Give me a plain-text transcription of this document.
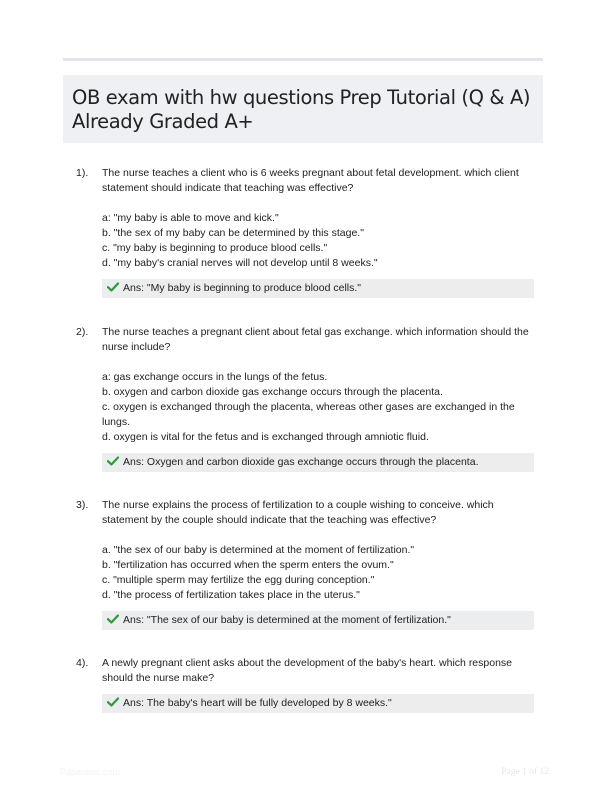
OB exam with hw questions Prep Tutorial (Q & A)
Already Graded A+
1). The nurse teaches a client who is 6 weeks pregnant about fetal development. which client statement should indicate that teaching was effective?

a: "my baby is able to move and kick."
b. "the sex of my baby can be determined by this stage."
c. "my baby is beginning to produce blood cells."
d. "my baby's cranial nerves will not develop until 8 weeks."
Ans: "My baby is beginning to produce blood cells."
2). The nurse teaches a pregnant client about fetal gas exchange. which information should the nurse include?

a: gas exchange occurs in the lungs of the fetus.
b. oxygen and carbon dioxide gas exchange occurs through the placenta.
c. oxygen is exchanged through the placenta, whereas other gases are exchanged in the lungs.
d. oxygen is vital for the fetus and is exchanged through amniotic fluid.
Ans: Oxygen and carbon dioxide gas exchange occurs through the placenta.
3). The nurse explains the process of fertilization to a couple wishing to conceive. which statement by the couple should indicate that the teaching was effective?

a. "the sex of our baby is determined at the moment of fertilization."
b. "fertilization has occurred when the sperm enters the ovum."
c. "multiple sperm may fertilize the egg during conception."
d. "the process of fertilization takes place in the uterus."
Ans: "The sex of our baby is determined at the moment of fertilization."
4). A newly pregnant client asks about the development of the baby's heart. which response should the nurse make?

Ans: The baby's heart will be fully developed by 8 weeks."
Paperstoc.com	Page 1 of 12
